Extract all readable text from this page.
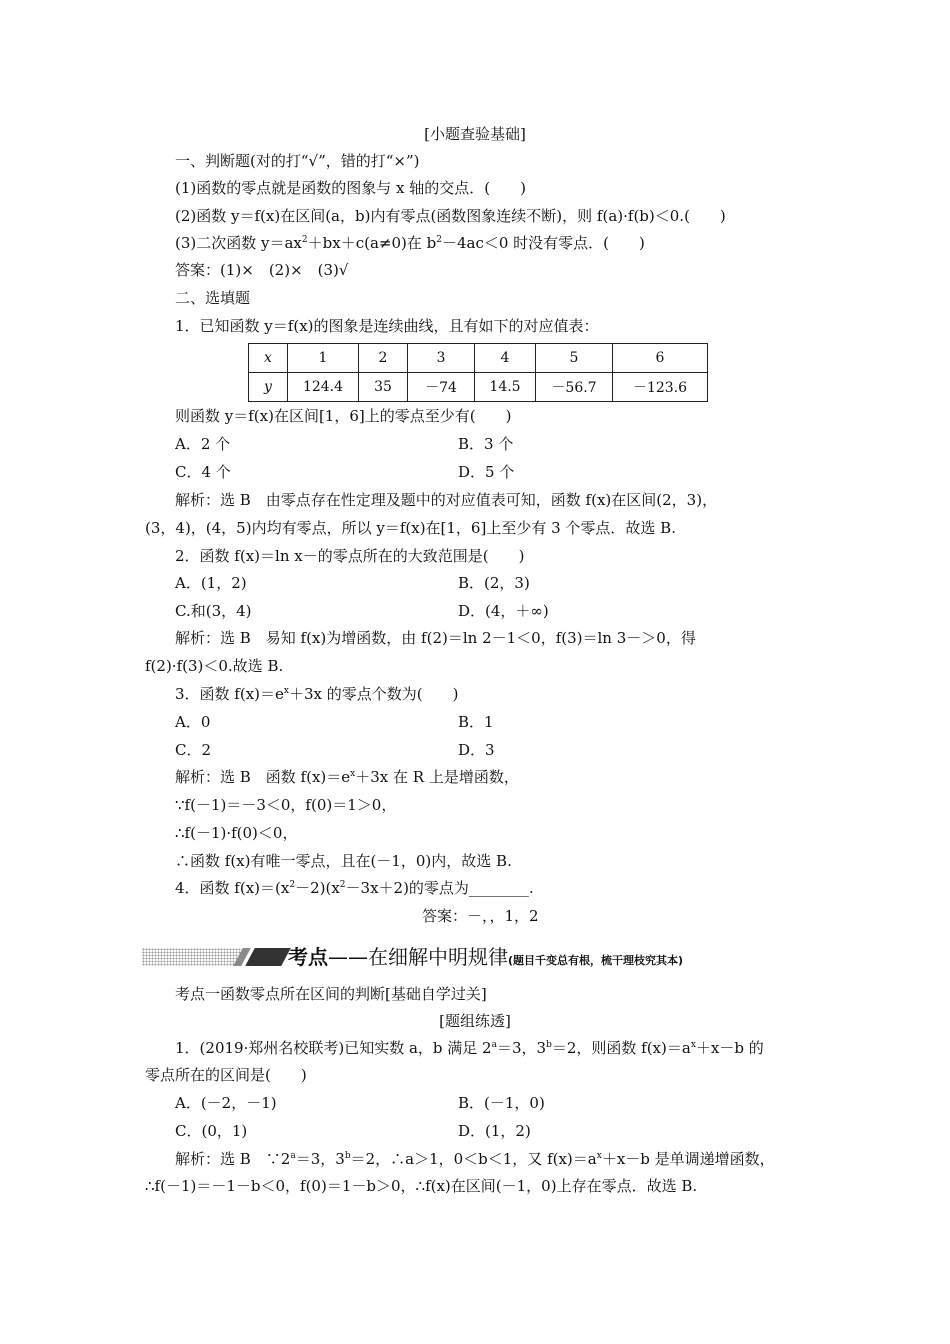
[小题查验基础]
一、判断题(对的打“√”，错的打“×”)
(1)函数的零点就是函数的图象与 x 轴的交点．(　　)
(2)函数 y＝f(x)在区间(a，b)内有零点(函数图象连续不断)，则 f(a)·f(b)＜0.(　　)
(3)二次函数 $y=ax^2+bx+c(a\ne 0)$在 $b^2-4ac<0$ 时没有零点．(　　)
答案：(1)×　(2)×　(3)√
二、选填题
1．已知函数 y＝f(x)的图象是连续曲线，且有如下的对应值表：
x	1	2	3	4	5	6
y	124.4	35	－74	14.5	－56.7	－123.6
则函数 y＝f(x)在区间[1，6]上的零点至少有(　　)
A．2 个	B．3 个
C．4 个	D．5 个
解析：选 B　由零点存在性定理及题中的对应值表可知，函数 f(x)在区间(2，3)，
(3，4)，(4，5)内均有零点，所以 y＝f(x)在[1，6]上至少有 3 个零点．故选 B.
2．函数 f(x)＝ln x－的零点所在的大致范围是(　　)
A．(1，2)	B．(2，3)
C.和(3，4)	D．(4，＋∞)
解析：选 B　易知 f(x)为增函数，由 f(2)＝ln 2－1＜0，f(3)＝ln 3－＞0，得
f(2)·f(3)＜0.故选 B.
3．函数 $f(x)=e^x+3x$ 的零点个数为(　　)
A．0	B．1
C．2	D．3
解析：选 B　函数 $f(x)=e^x+3x$ 在 R 上是增函数，
∵f(－1)＝－3＜0，f(0)＝1＞0，
∴f(－1)·f(0)＜0，
∴函数 f(x)有唯一零点，且在(－1，0)内，故选 B.
4．函数 $f(x)=(x^2-2)(x^2-3x+2)$的零点为________.
答案：－，，1，2
考点——在细解中明规律(题目千变总有根，梳干理枝究其本)
考点一函数零点所在区间的判断[基础自学过关]
[题组练透]
1．(2019·郑州名校联考)已知实数 a，b 满足 $2^a=3$，$3^b=2$，则函数 $f(x)=a^x+x-b$ 的
零点所在的区间是(　　)
A．(－2，－1)	B．(－1，0)
C．(0，1)	D．(1，2)
解析：选 B　$\because 2^a=3$，$3^b=2$，∴a＞1，0＜b＜1，又 $f(x)=a^x+x-b$ 是单调递增函数，
∴f(－1)＝－1－b＜0，f(0)＝1－b＞0，∴f(x)在区间(－1，0)上存在零点．故选 B.
